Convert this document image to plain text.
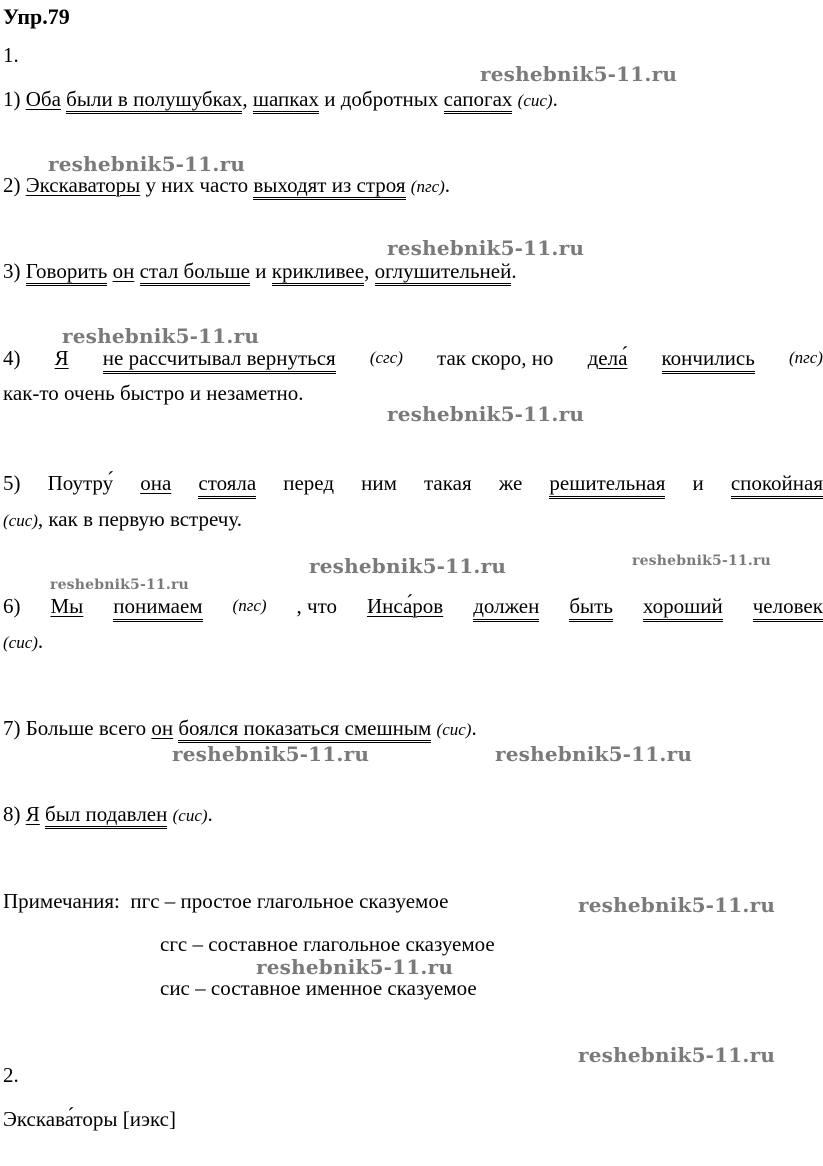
Упр.79
1.
1) Оба были в полушубках, шапках и добротных сапогах (сис).
2) Экскаваторы у них часто выходят из строя (пгс).
3) Говорить он стал больше и крикливее, оглушительней.
4) Я не рассчитывал вернуться (сгс) так скоро, но дела́ кончились (пгс)
как-то очень быстро и незаметно.
5) Поутру́ она стояла перед ним такая же решительная и спокойная
(сис), как в первую встречу.
6) Мы понимаем (пгс) , что Инса́ров должен быть хороший человек
(сис).
7) Больше всего он боялся показаться смешным (сис).
8) Я был подавлен (сис).
Примечания: пгс – простое глагольное сказуемое
сгс – составное глагольное сказуемое
сис – составное именное сказуемое
2.
Экскава́торы [иэкс]
reshebnik5-11.ru
reshebnik5-11.ru
reshebnik5-11.ru
reshebnik5-11.ru
reshebnik5-11.ru
reshebnik5-11.ru	reshebnik5-11.ru
reshebnik5-11.ru
reshebnik5-11.ru	reshebnik5-11.ru
reshebnik5-11.ru
reshebnik5-11.ru
reshebnik5-11.ru
